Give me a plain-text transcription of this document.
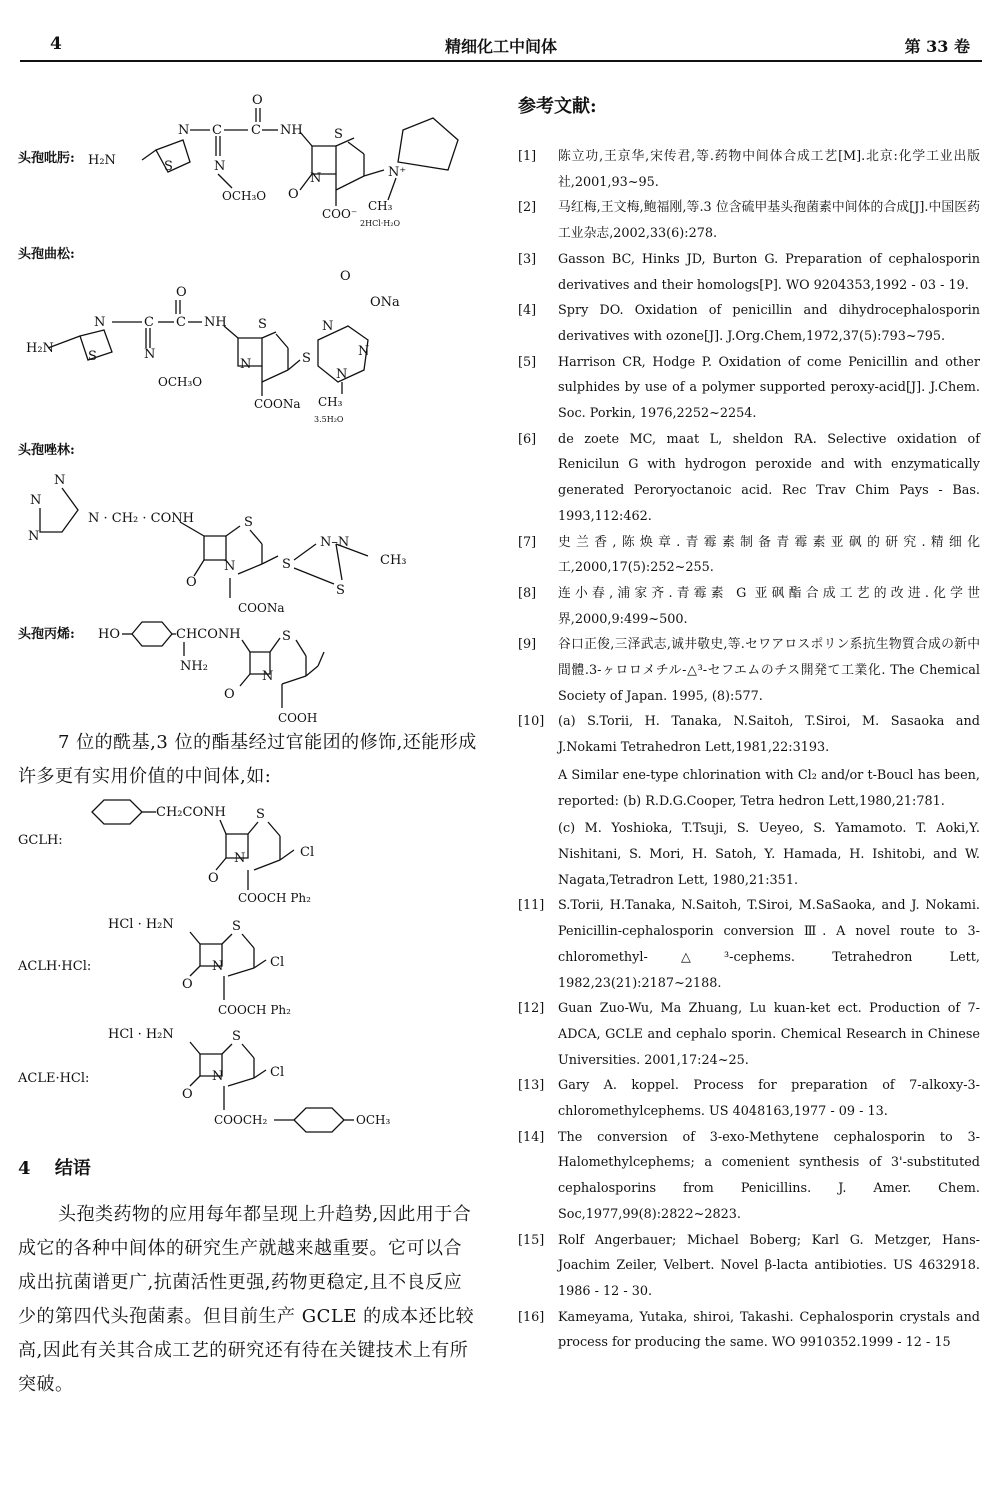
4	精细化工中间体	第 33 卷
头孢吡肟:
O
N C C NH S
H₂N	S	N
O
OCH₃O
N	N⁺
COO⁻
CH₃
2HCl·H₂O
头孢曲松:
O
O
ONa
N	C C NH S	N
H₂N
S	N	N
OCH₃O
N	S
N
COONa CH₃
3.5H₂O
头孢唑林:
N
N
N
N · CH₂ · CONH	S
N–N
S	CH₃
S
N
O
COONa
头孢丙烯: HO	CHCONH	S
NH₂
N
O
COOH
GCLH:
CH₂CONH S
N	Cl
O
COOCH Ph₂
ACLH·HCl:
HCl · H₂N	S
N	Cl
O
COOCH Ph₂
ACLE·HCl:
HCl · H₂N	S
N	Cl
O
COOCH₂	OCH₃
7 位的酰基,3 位的酯基经过官能团的修饰,还能形成许多更有实用价值的中间体,如:
4 结语
头孢类药物的应用每年都呈现上升趋势,因此用于合成它的各种中间体的研究生产就越来越重要。它可以合成出抗菌谱更广,抗菌活性更强,药物更稳定,且不良反应少的第四代头孢菌素。但目前生产 GCLE 的成本还比较高,因此有关其合成工艺的研究还有待在关键技术上有所突破。
参考文献:
[1]	陈立功,王京华,宋传君,等.药物中间体合成工艺[M].北京:化学工业出版社,2001,93~95.
[2]	马红梅,王文梅,鲍福刚,等.3 位含硫甲基头孢菌素中间体的合成[J].中国医药工业杂志,2002,33(6):278.
[3]	Gasson BC, Hinks JD, Burton G. Preparation of cephalosporin derivatives and their homologs[P]. WO 9204353,1992 - 03 - 19.
[4]	Spry DO. Oxidation of penicillin and dihydrocephalosporin derivatives with ozone[J]. J.Org.Chem,1972,37(5):793~795.
[5]	Harrison CR, Hodge P. Oxidation of come Penicillin and other sulphides by use of a polymer supported peroxy-acid[J]. J.Chem. Soc. Porkin, 1976,2252~2254.
[6]	de zoete MC, maat L, sheldon RA. Selective oxidation of Renicilun G with hydrogon peroxide and with enzymatically generated Peroryoctanoic acid. Rec Trav Chim Pays - Bas. 1993,112:462.
[7]	史兰香,陈焕章.青霉素制备青霉素亚砜的研究.精细化工,2000,17(5):252~255.
[8]	连小春,浦家齐.青霉素 G 亚砜酯合成工艺的改进.化学世界,2000,9:499~500.
[9]	谷口正俊,三泽武志,诚井敬史,等.セワアロスポリン系抗生物質合成の新中間體.3-ヶロロメチル-△³-セフエムのチス開発て工業化. The Chemical Society of Japan. 1995, (8):577.
[10]	(a) S.Torii, H. Tanaka, N.Saitoh, T.Siroi, M. Sasaoka and J.Nokami Tetrahedron Lett,1981,22:3193.
A Similar ene-type chlorination with Cl₂ and/or t-Boucl has been, reported: (b) R.D.G.Cooper, Tetra hedron Lett,1980,21:781.
(c) M. Yoshioka, T.Tsuji, S. Ueyeo, S. Yamamoto. T. Aoki,Y. Nishitani, S. Mori, H. Satoh, Y. Hamada, H. Ishitobi, and W. Nagata,Tetradron Lett, 1980,21:351.
[11]	S.Torii, H.Tanaka, N.Saitoh, T.Siroi, M.SaSaoka, and J. Nokami. Penicillin-cephalosporin conversion Ⅲ. A novel route to 3-chloromethyl-△³-cephems. Tetrahedron Lett, 1982,23(21):2187~2188.
[12]	Guan Zuo-Wu, Ma Zhuang, Lu kuan-ket ect. Production of 7-ADCA, GCLE and cephalo sporin. Chemical Research in Chinese Universities. 2001,17:24~25.
[13]	Gary A. koppel. Process for preparation of 7-alkoxy-3-chloromethylcephems. US 4048163,1977 - 09 - 13.
[14]	The conversion of 3-exo-Methytene cephalosporin to 3-Halomethylcephems; a comenient synthesis of 3'-substituted cephalosporins from Penicillins. J. Amer. Chem. Soc,1977,99(8):2822~2823.
[15]	Rolf Angerbauer; Michael Boberg; Karl G. Metzger, Hans-Joachim Zeiler, Velbert. Novel β-lacta antibioties. US 4632918. 1986 - 12 - 30.
[16]	Kameyama, Yutaka, shiroi, Takashi. Cephalosporin crystals and process for producing the same. WO 9910352.1999 - 12 - 15
